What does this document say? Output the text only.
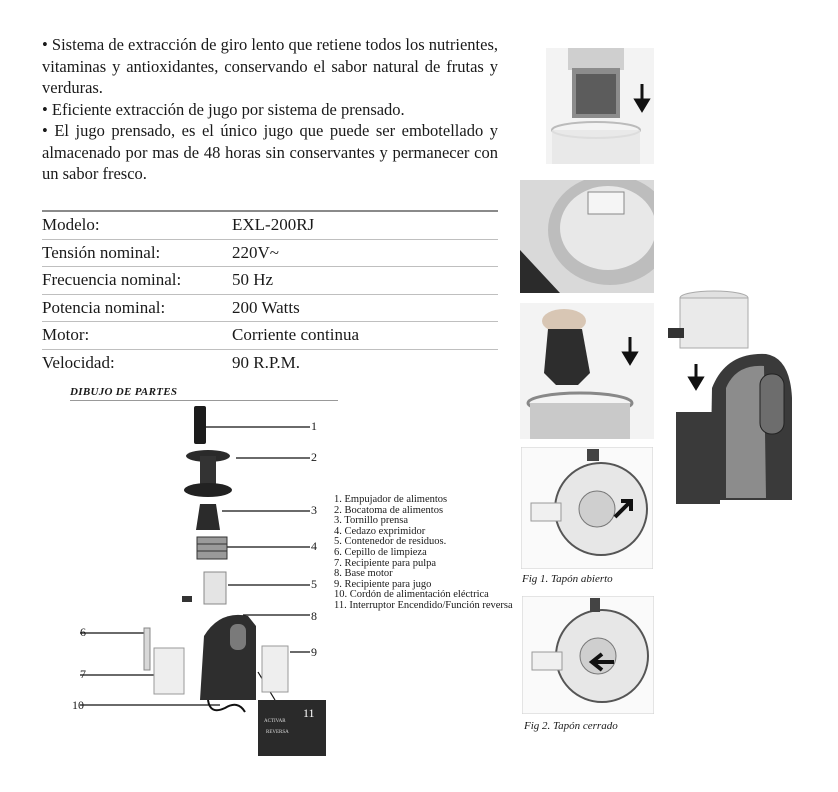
• Sistema de extracción de giro lento que retiene todos los nutrientes, vitaminas y antioxidantes, conservando el sabor natural de frutas y verduras.

• Eficiente extracción de jugo por sistema de prensado.

• El jugo prensado, es el único jugo que puede ser embotellado y almacenado por mas de 48 horas sin conservantes y permanecer con un sabor fresco.

Modelo:	EXL-200RJ
Tensión nominal:	220V~
Frecuencia nominal:	50 Hz
Potencia nominal:	200 Watts
Motor:	Corriente continua
Velocidad:	90 R.P.M.
DIBUJO DE PARTES
ACTIVAR
REVERSA
1
2
3
4
5
6
7
8
9
10
11
1. Empujador de alimentos
2. Bocatoma de alimentos
3. Tornillo prensa
4. Cedazo exprimidor
5. Contenedor de residuos.
6. Cepillo de limpieza
7. Recipiente para pulpa
8. Base motor
9. Recipiente para jugo
10. Cordón de alimentación eléctrica
11. Interruptor Encendido/Función reversa
Fig 1. Tapón abierto
Fig 2. Tapón cerrado
